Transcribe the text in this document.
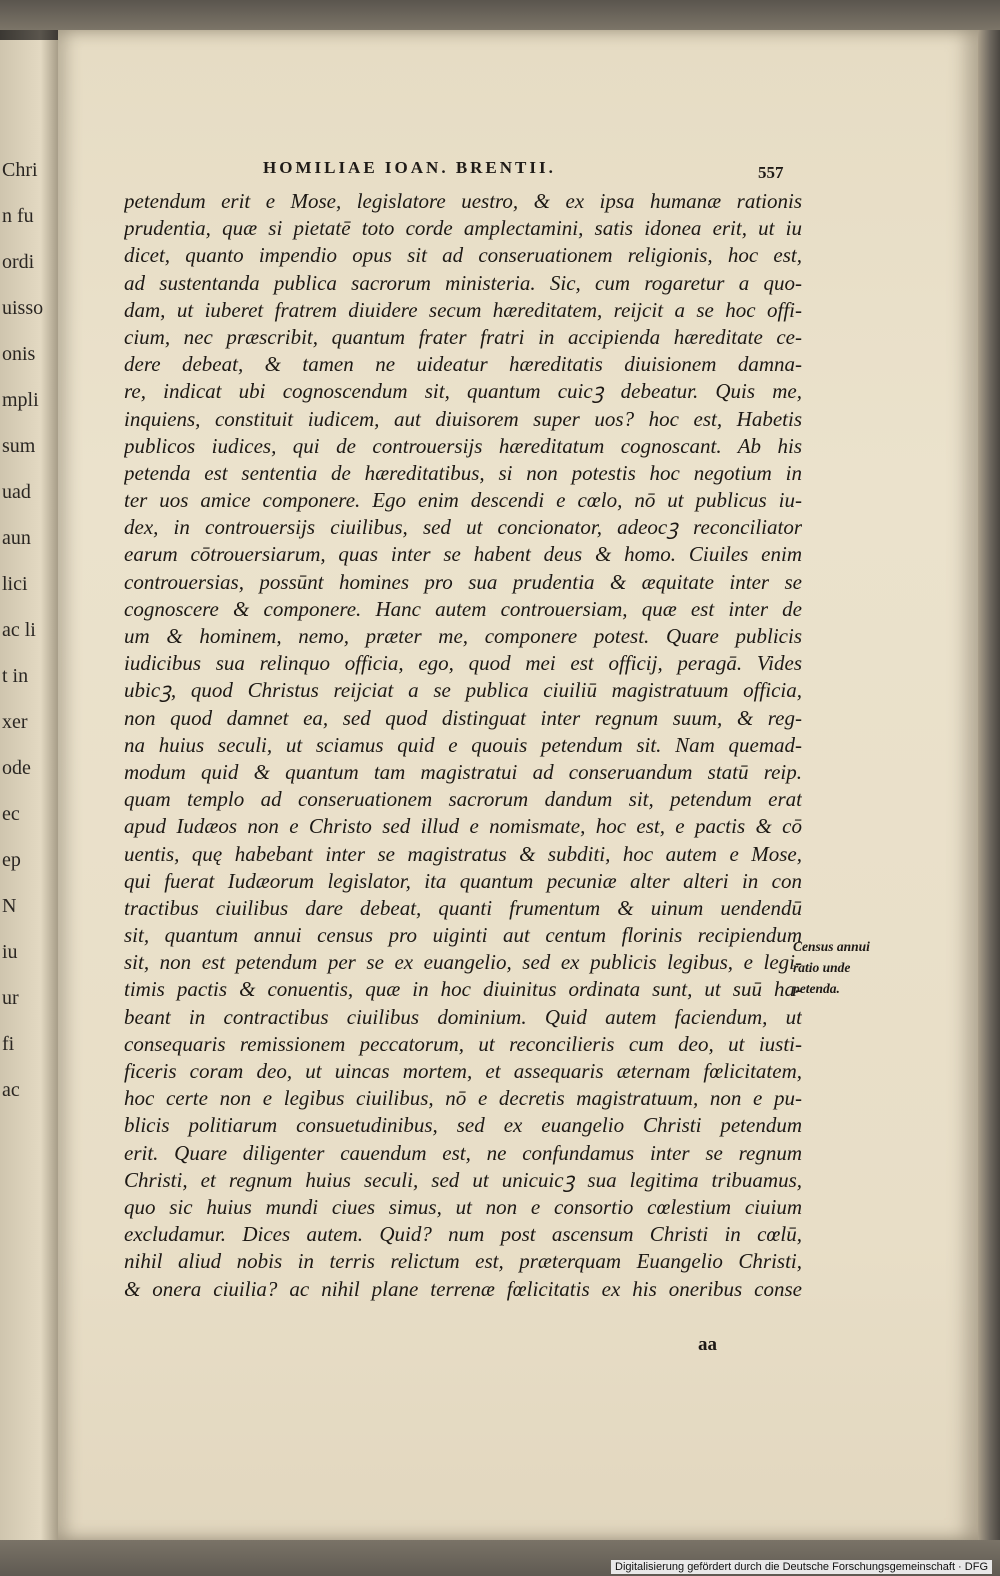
Chri
n fu
ordi
uisso
onis
mpli
sum
uad
aun
lici
ac li
t in
xer
ode
ec
ep
N
iu
ur
fi
ac
HOMILIAE IOAN. BRENTII.	557
petendum erit e Mose, legislatore uestro, & ex ipsa humanæ rationis
prudentia, quæ si pietatē toto corde amplectamini, satis idonea erit, ut iu
dicet, quanto impendio opus sit ad conseruationem religionis, hoc est,
ad sustentanda publica sacrorum ministeria. Sic, cum rogaretur a quo-
dam, ut iuberet fratrem diuidere secum hæreditatem, reijcit a se hoc offi-
cium, nec præscribit, quantum frater fratri in accipienda hæreditate ce-
dere debeat, & tamen ne uideatur hæreditatis diuisionem damna-
re, indicat ubi cognoscendum sit, quantum cuicꝫ debeatur. Quis me,
inquiens, constituit iudicem, aut diuisorem super uos? hoc est, Habetis
publicos iudices, qui de controuersijs hæreditatum cognoscant. Ab his
petenda est sententia de hæreditatibus, si non potestis hoc negotium in
ter uos amice componere. Ego enim descendi e cœlo, nō ut publicus iu-
dex, in controuersijs ciuilibus, sed ut concionator, adeocꝫ reconciliator
earum cōtrouersiarum, quas inter se habent deus & homo. Ciuiles enim
controuersias, possūnt homines pro sua prudentia & æquitate inter se
cognoscere & componere. Hanc autem controuersiam, quæ est inter de
um & hominem, nemo, præter me, componere potest. Quare publicis
iudicibus sua relinquo officia, ego, quod mei est officij, peragā. Vides
ubicꝫ, quod Christus reijciat a se publica ciuiliū magistratuum officia,
non quod damnet ea, sed quod distinguat inter regnum suum, & reg-
na huius seculi, ut sciamus quid e quouis petendum sit. Nam quemad-
modum quid & quantum tam magistratui ad conseruandum statū reip.
quam templo ad conseruationem sacrorum dandum sit, petendum erat
apud Iudæos non e Christo sed illud e nomismate, hoc est, e pactis & cō
uentis, quę habebant inter se magistratus & subditi, hoc autem e Mose,
qui fuerat Iudæorum legislator, ita quantum pecuniæ alter alteri in con
tractibus ciuilibus dare debeat, quanti frumentum & uinum uendendū
sit, quantum annui census pro uiginti aut centum florinis recipiendum
sit, non est petendum per se ex euangelio, sed ex publicis legibus, e legi-
timis pactis & conuentis, quæ in hoc diuinitus ordinata sunt, ut suū ha-
beant in contractibus ciuilibus dominium. Quid autem faciendum, ut
consequaris remissionem peccatorum, ut reconcilieris cum deo, ut iusti-
ficeris coram deo, ut uincas mortem, et assequaris æternam fœlicitatem,
hoc certe non e legibus ciuilibus, nō e decretis magistratuum, non e pu-
blicis politiarum consuetudinibus, sed ex euangelio Christi petendum
erit. Quare diligenter cauendum est, ne confundamus inter se regnum
Christi, et regnum huius seculi, sed ut unicuicꝫ sua legitima tribuamus,
quo sic huius mundi ciues simus, ut non e consortio cœlestium ciuium
excludamur. Dices autem. Quid? num post ascensum Christi in cœlū,
nihil aliud nobis in terris relictum est, præterquam Euangelio Christi,
& onera ciuilia? ac nihil plane terrenæ fœlicitatis ex his oneribus conse
Census annui
ratio unde
petenda.
aa
Digitalisierung gefördert durch die Deutsche Forschungsgemeinschaft · DFG
